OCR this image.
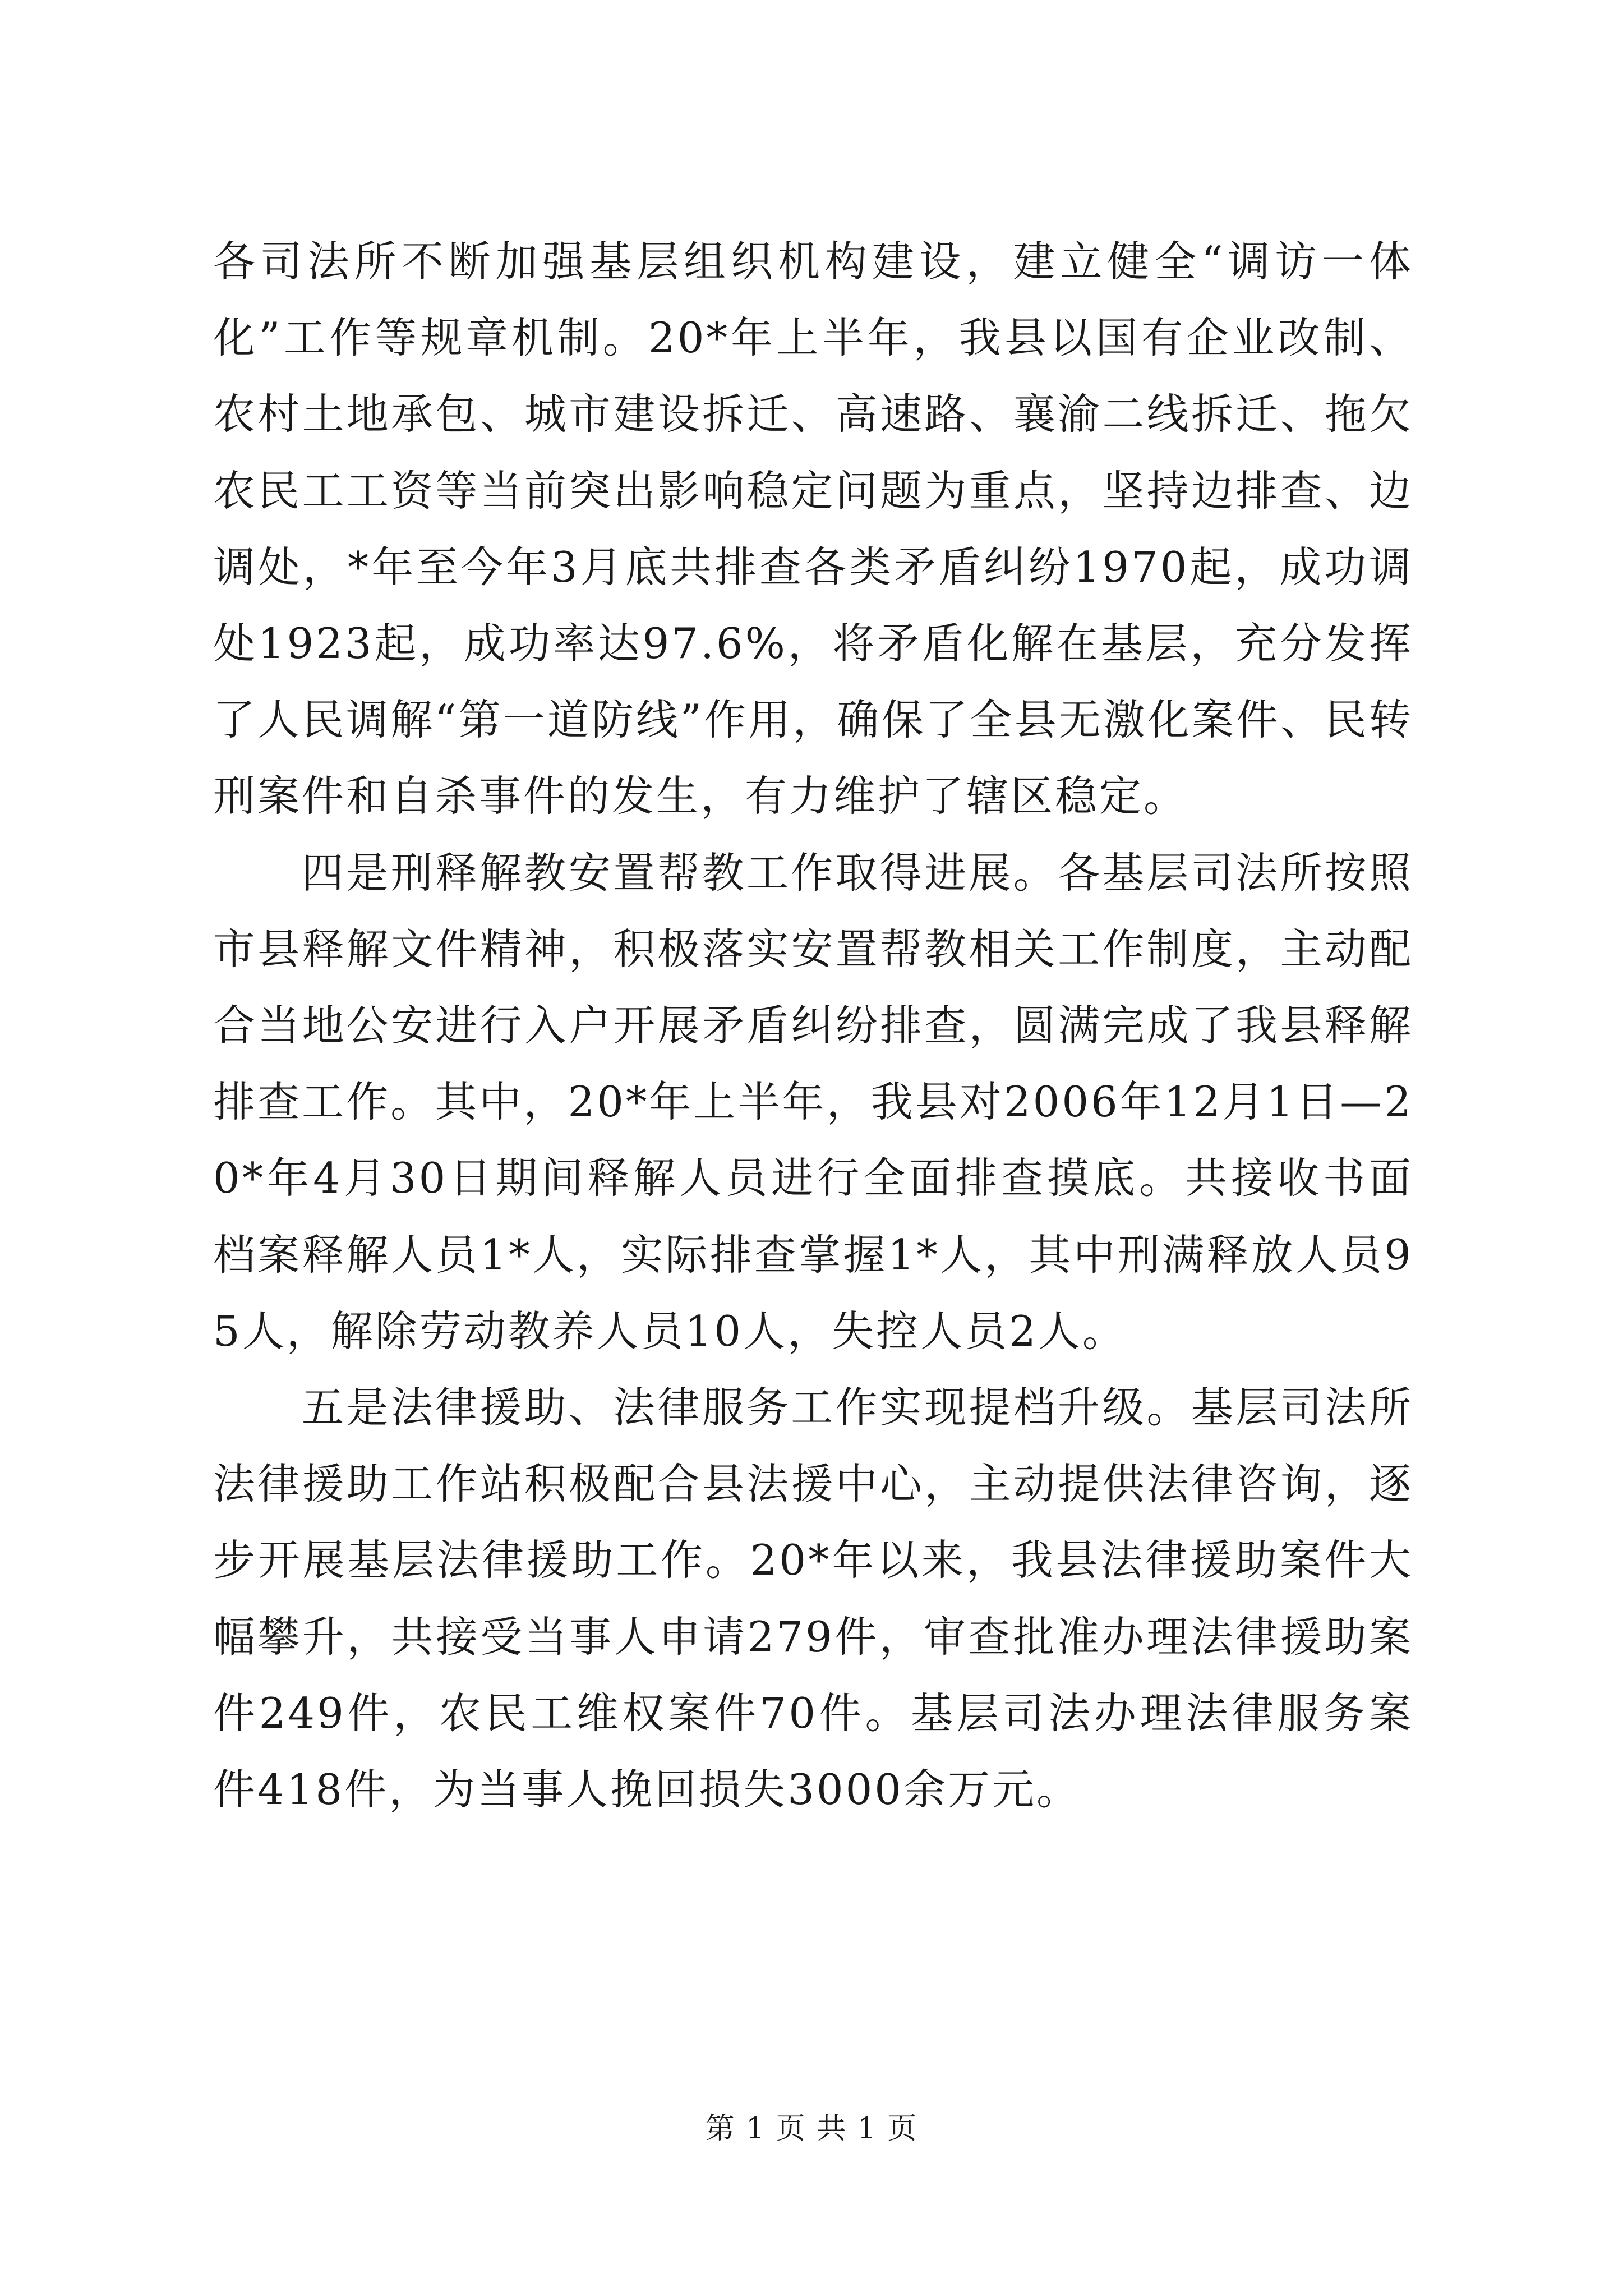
各司法所不断加强基层组织机构建设，建立健全“调访一体化”工作等规章机制。20*年上半年，我县以国有企业改制、农村土地承包、城市建设拆迁、高速路、襄渝二线拆迁、拖欠农民工工资等当前突出影响稳定问题为重点，坚持边排查、边调处，*年至今年3月底共排查各类矛盾纠纷1970起，成功调处1923起，成功率达97.6%，将矛盾化解在基层，充分发挥了人民调解“第一道防线”作用，确保了全县无激化案件、民转刑案件和自杀事件的发生，有力维护了辖区稳定。

四是刑释解教安置帮教工作取得进展。各基层司法所按照市县释解文件精神，积极落实安置帮教相关工作制度，主动配合当地公安进行入户开展矛盾纠纷排查，圆满完成了我县释解排查工作。其中，20*年上半年，我县对2006年12月1日—20*年4月30日期间释解人员进行全面排查摸底。共接收书面档案释解人员1*人，实际排查掌握1*人，其中刑满释放人员95人，解除劳动教养人员10人，失控人员2人。

五是法律援助、法律服务工作实现提档升级。基层司法所法律援助工作站积极配合县法援中心，主动提供法律咨询，逐步开展基层法律援助工作。20*年以来，我县法律援助案件大幅攀升，共接受当事人申请279件，审查批准办理法律援助案件249件，农民工维权案件70件。基层司法办理法律服务案件418件，为当事人挽回损失3000余万元。

第 1 页 共 1 页
